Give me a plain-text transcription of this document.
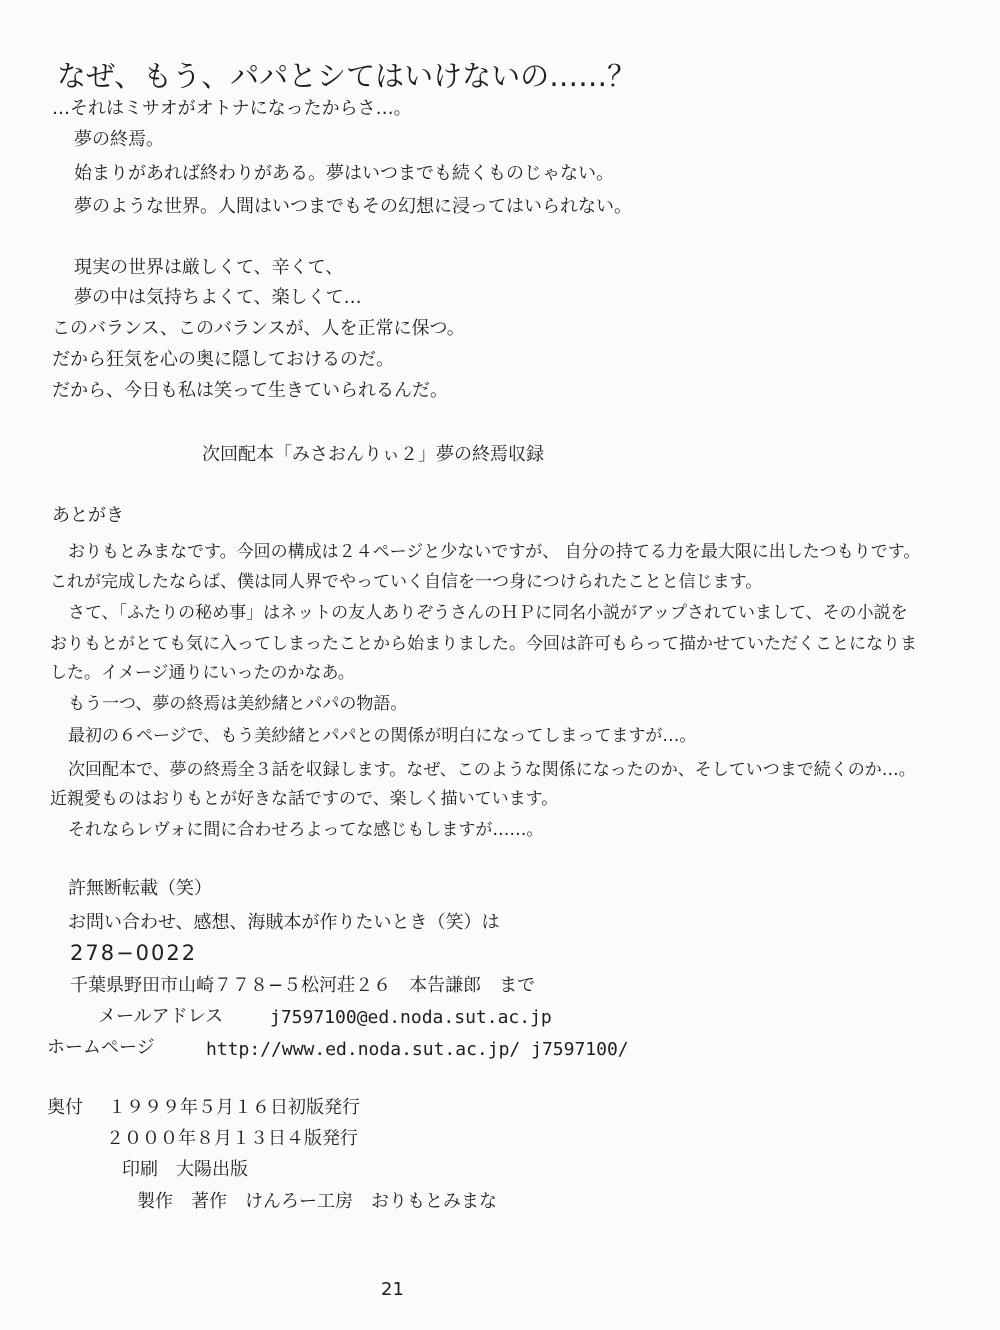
なぜ、もう、パパとシてはいけないの……？
…それはミサオがオトナになったからさ…。
夢の終焉。
始まりがあれば終わりがある。夢はいつまでも続くものじゃない。
夢のような世界。人間はいつまでもその幻想に浸ってはいられない。
現実の世界は厳しくて、辛くて、
夢の中は気持ちよくて、楽しくて…
このバランス、このバランスが、人を正常に保つ。
だから狂気を心の奥に隠しておけるのだ。
だから、今日も私は笑って生きていられるんだ。
次回配本「みさおんりぃ２」夢の終焉収録
あとがき
おりもとみまなです。今回の構成は２４ページと少ないですが、 自分の持てる力を最大限に出したつもりです。
これが完成したならば、僕は同人界でやっていく自信を一つ身につけられたことと信じます。
さて、「ふたりの秘め事」はネットの友人ありぞうさんのＨＰに同名小説がアップされていまして、その小説を
おりもとがとても気に入ってしまったことから始まりました。今回は許可もらって描かせていただくことになりま
した。イメージ通りにいったのかなあ。
もう一つ、夢の終焉は美紗緒とパパの物語。
最初の６ページで、もう美紗緒とパパとの関係が明白になってしまってますが…。
次回配本で、夢の終焉全３話を収録します。なぜ、このような関係になったのか、そしていつまで続くのか…。
近親愛ものはおりもとが好きな話ですので、楽しく描いています。
それならレヴォに間に合わせろよってな感じもしますが……。
許無断転載（笑）
お問い合わせ、感想、海賊本が作りたいとき（笑）は
278−0022
千葉県野田市山崎７７８−５松河荘２６　本告謙郎　まで
メールアドレス	j7597100@ed.noda.sut.ac.jp
ホームページ	http://www.ed.noda.sut.ac.jp/ j7597100/
奥付 １９９９年５月１６日初版発行
２０００年８月１３日４版発行
印刷　大陽出版
製作　著作　けんろー工房　おりもとみまな
21
